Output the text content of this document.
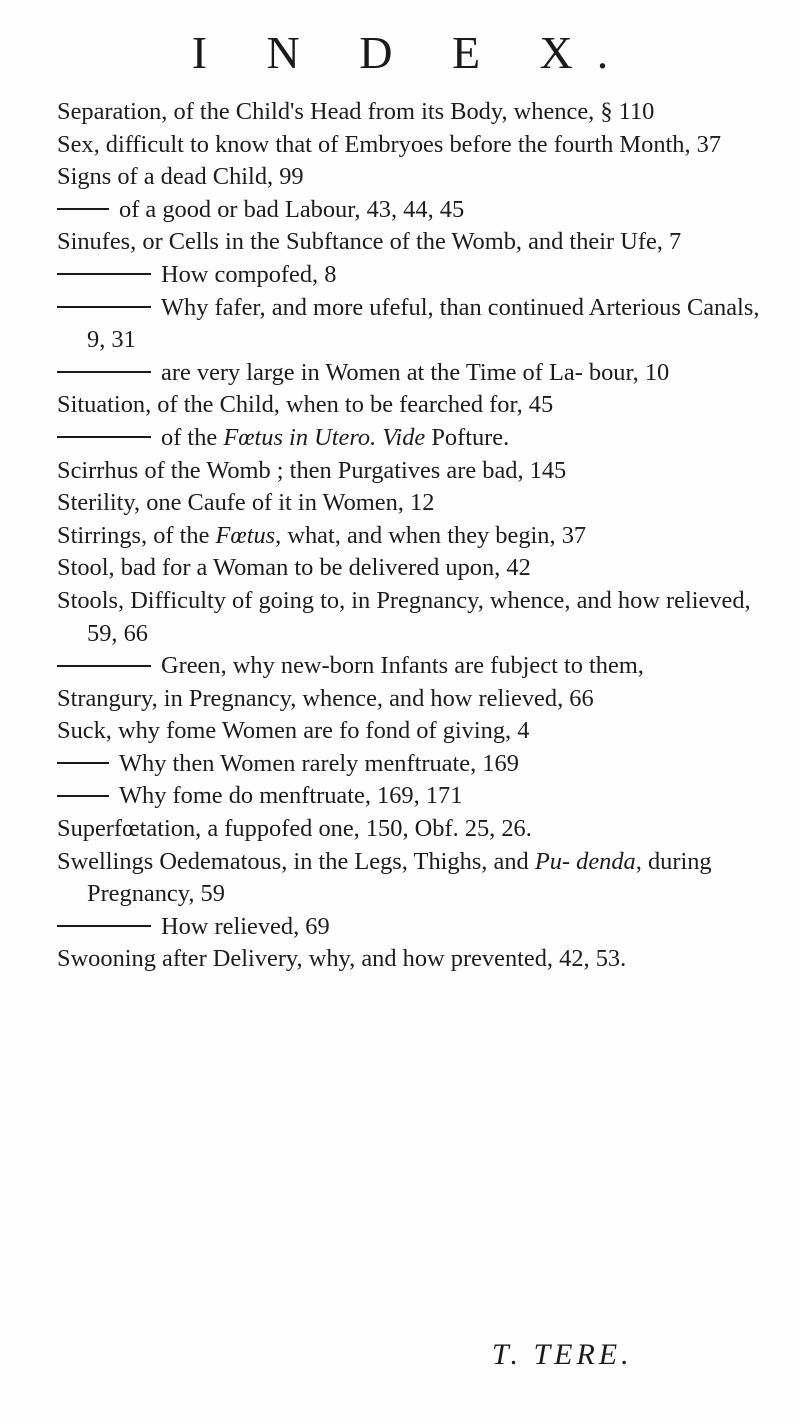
I N D E X.
Separation, of the Child's Head from its Body, whence, § 110
Sex, difficult to know that of Embryoes before the fourth Month, 37
Signs of a dead Child, 99
of a good or bad Labour, 43, 44, 45
Sinufes, or Cells in the Subftance of the Womb, and their Ufe, 7
How compofed, 8
Why fafer, and more ufeful, than continued Arterious Canals, 9, 31
are very large in Women at the Time of La- bour, 10
Situation, of the Child, when to be fearched for, 45
of the Fœtus in Utero. Vide Pofture.
Scirrhus of the Womb ; then Purgatives are bad, 145
Sterility, one Caufe of it in Women, 12
Stirrings, of the Fœtus, what, and when they begin, 37
Stool, bad for a Woman to be delivered upon, 42
Stools, Difficulty of going to, in Pregnancy, whence, and how relieved, 59, 66
Green, why new-born Infants are fubject to them,
Strangury, in Pregnancy, whence, and how relieved, 66
Suck, why fome Women are fo fond of giving, 4
Why then Women rarely menftruate, 169
Why fome do menftruate, 169, 171
Superfœtation, a fuppofed one, 150, Obf. 25, 26.
Swellings Oedematous, in the Legs, Thighs, and Pu- denda, during Pregnancy, 59
How relieved, 69
Swooning after Delivery, why, and how prevented, 42, 53.
T. TERE.
